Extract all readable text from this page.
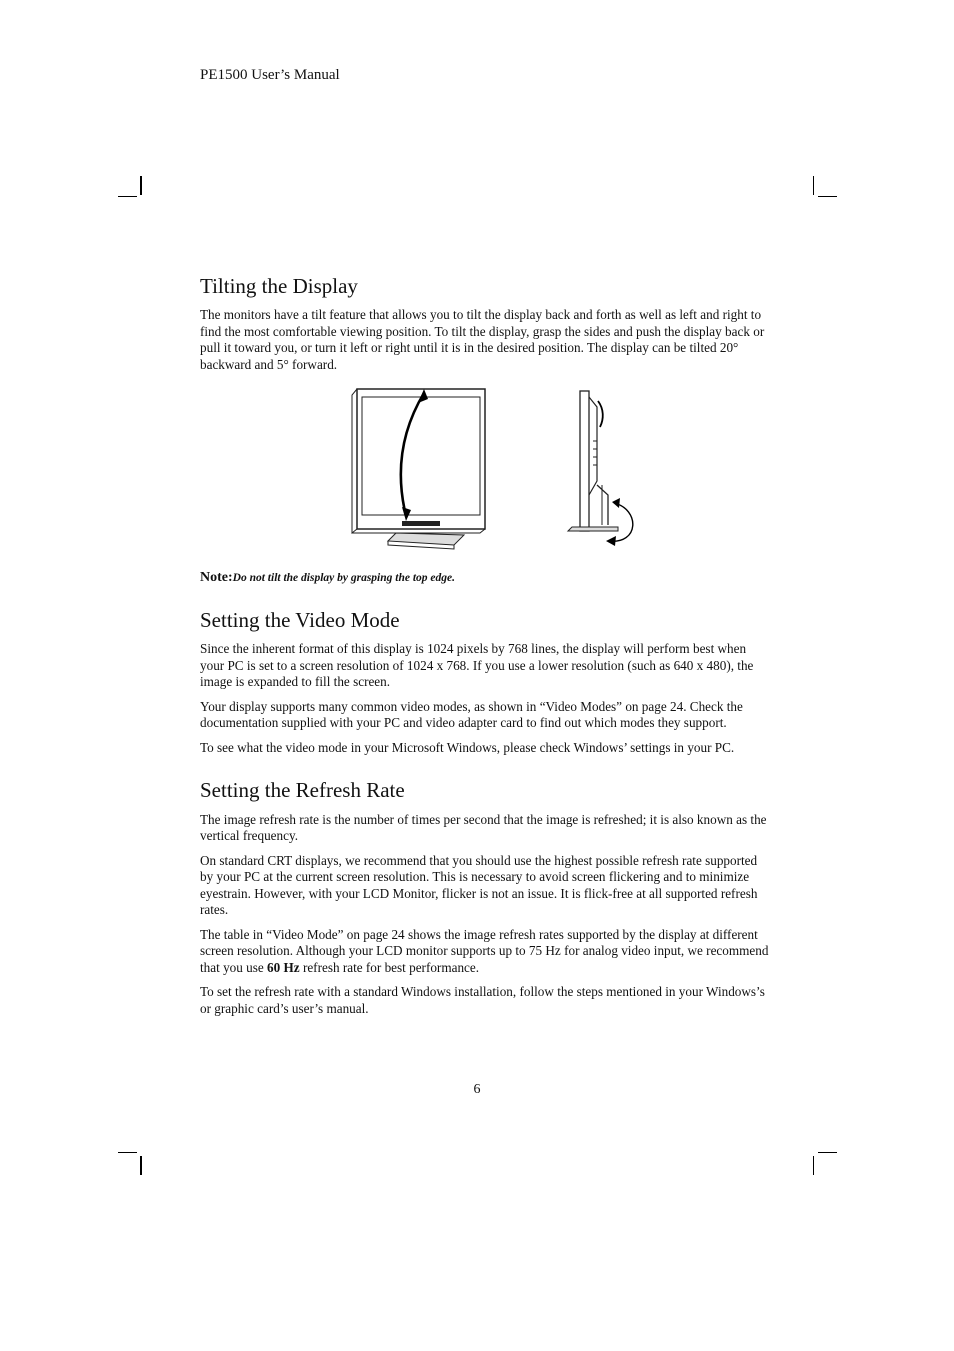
PE1500 User’s Manual
Tilting the Display

The monitors have a tilt feature that allows you to tilt the display back and forth as well as left and right to find the most comfortable viewing position. To tilt the display, grasp the sides and push the display back or pull it toward you, or turn it left or right until it is in the desired position. The display can be tilted 20° backward and 5° forward.

Note:Do not tilt the display by grasping the top edge.
Setting the Video Mode

Since the inherent format of this display is 1024 pixels by 768 lines, the display will perform best when your PC is set to a screen resolution of 1024 x 768. If you use a lower resolution (such as 640 x 480), the image is expanded to fill the screen.

Your display supports many common video modes, as shown in “Video Modes” on page 24. Check the documentation supplied with your PC and video adapter card to find out which modes they support.

To see what the video mode in your Microsoft Windows, please check Windows’ settings in your PC.

Setting the Refresh Rate

The image refresh rate is the number of times per second that the image is refreshed; it is also known as the vertical frequency.

On standard CRT displays, we recommend that you should use the highest possible refresh rate supported by your PC at the current screen resolution. This is necessary to avoid screen flickering and to minimize eyestrain. However, with your LCD Monitor, flicker is not an issue. It is flick-free at all supported refresh rates.

The table in “Video Mode” on page 24 shows the image refresh rates supported by the display at different screen resolution. Although your LCD monitor supports up to 75 Hz for analog video input, we recommend that you use 60 Hz refresh rate for best performance.

To set the refresh rate with a standard Windows installation, follow the steps mentioned in your Windows’s or graphic card’s user’s manual.

6
